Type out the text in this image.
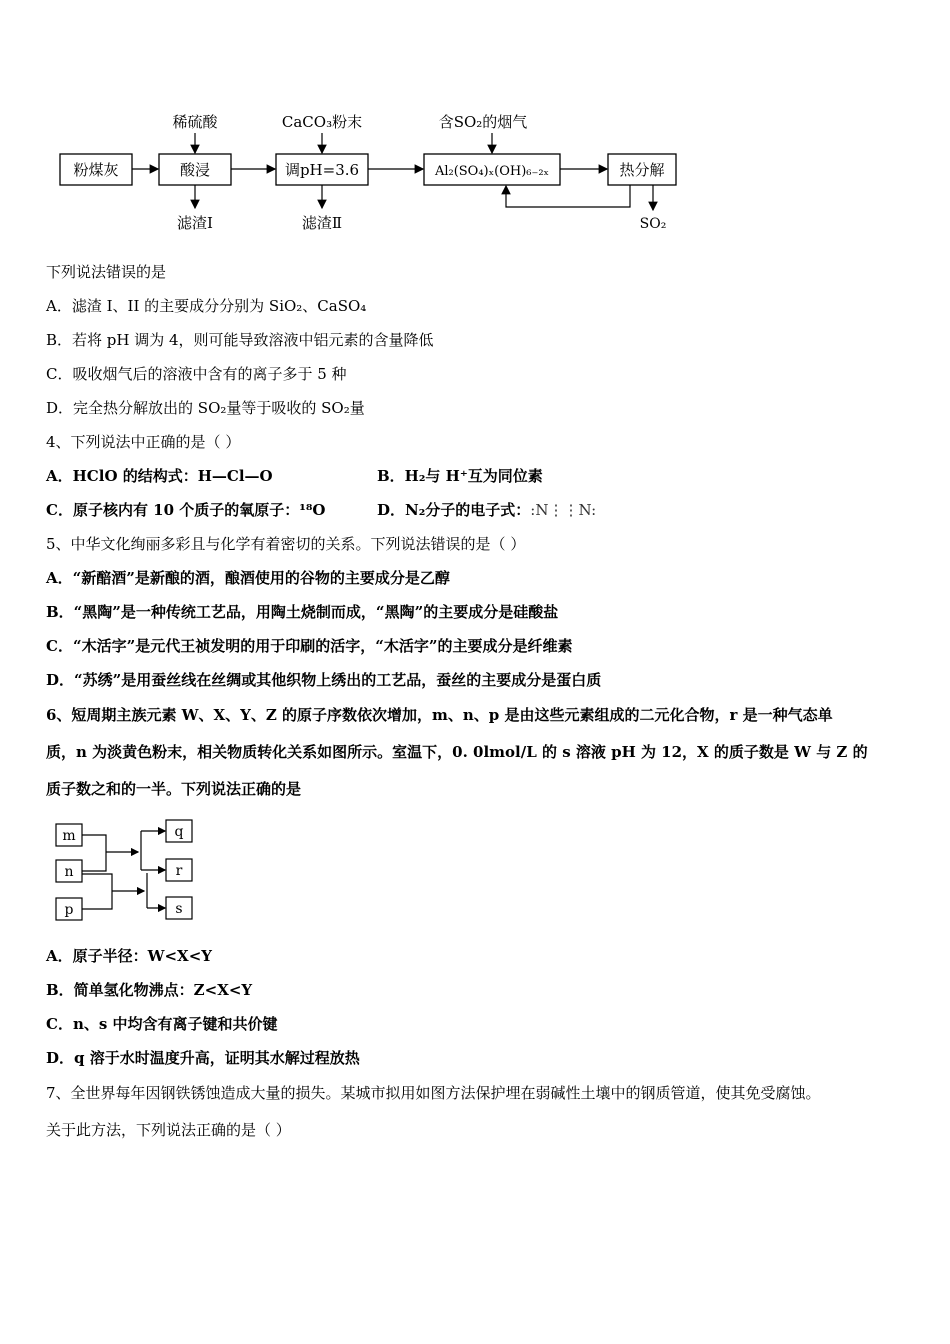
稀硫酸	CaCO₃粉末	含SO₂的烟气
粉煤灰	酸浸	调pH=3.6	Al₂(SO₄)ₓ(OH)₆₋₂ₓ	热分解
滤渣Ⅰ	滤渣Ⅱ	SO₂
下列说法错误的是
A．滤渣 I、II 的主要成分分别为 SiO₂、CaSO₄
B．若将 pH 调为 4，则可能导致溶液中铝元素的含量降低
C．吸收烟气后的溶液中含有的离子多于 5 种
D．完全热分解放出的 SO₂量等于吸收的 SO₂量
4、下列说法中正确的是（ ）
A．HClO 的结构式：H—Cl—O	B．H₂与 H⁺互为同位素
C．原子核内有 10 个质子的氧原子：¹⁸O	D．N₂分子的电子式：:N⋮⋮N:
5、中华文化绚丽多彩且与化学有着密切的关系。下列说法错误的是（ ）
A．“新醅酒”是新酿的酒，酿酒使用的谷物的主要成分是乙醇
B．“黑陶”是一种传统工艺品，用陶土烧制而成，“黑陶”的主要成分是硅酸盐
C．“木活字”是元代王祯发明的用于印刷的活字，“木活字”的主要成分是纤维素
D．“苏绣”是用蚕丝线在丝绸或其他织物上绣出的工艺品，蚕丝的主要成分是蛋白质
6、短周期主族元素 W、X、Y、Z 的原子序数依次增加，m、n、p 是由这些元素组成的二元化合物，r 是一种气态单
质，n 为淡黄色粉末，相关物质转化关系如图所示。室温下，0. 0lmol/L 的 s 溶液 pH 为 12，X 的质子数是 W 与 Z 的
质子数之和的一半。下列说法正确的是
m
n
p
q
r
s
A．原子半径：W<X<Y
B．简单氢化物沸点：Z<X<Y
C．n、s 中均含有离子键和共价键
D．q 溶于水时温度升高，证明其水解过程放热
7、全世界每年因钢铁锈蚀造成大量的损失。某城市拟用如图方法保护埋在弱碱性土壤中的钢质管道，使其免受腐蚀。
关于此方法，下列说法正确的是（ ）
